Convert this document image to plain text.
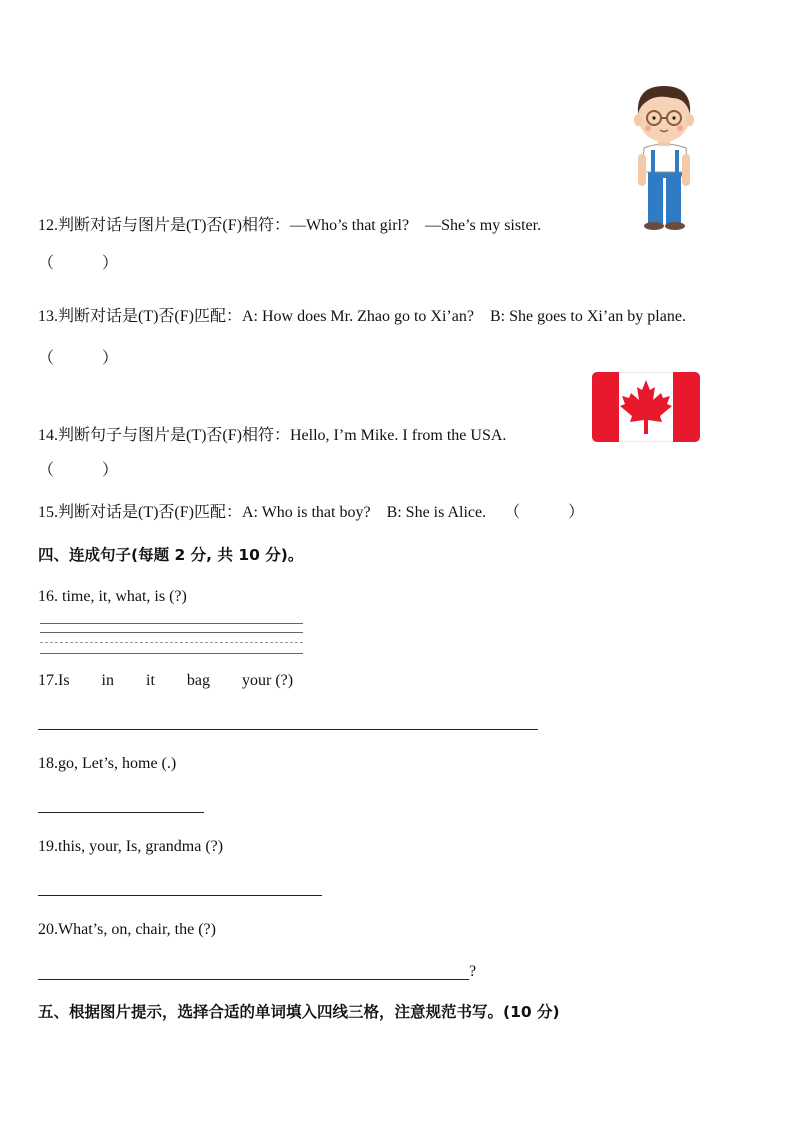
12.判断对话与图片是(T)否(F)相符：—Who’s that girl?　—She’s my sister.
（　　　）
13.判断对话是(T)否(F)匹配：A: How does Mr. Zhao go to Xi’an?　B: She goes to Xi’an by plane. （　　　）
14.判断句子与图片是(T)否(F)相符：Hello, I’m Mike. I from the USA.
（　　　）
15.判断对话是(T)否(F)匹配：A: Who is that boy?　B: She is Alice. （　　　）
四、连成句子(每题 2 分, 共 10 分)。
16. time, it, what, is (?)
17.Is　　in　　it　　bag　　your (?)
18.go, Let’s, home (.)
19.this, your, Is, grandma (?)
20.What’s, on, chair, the (?)
?
五、根据图片提示，选择合适的单词填入四线三格，注意规范书写。(10 分)
